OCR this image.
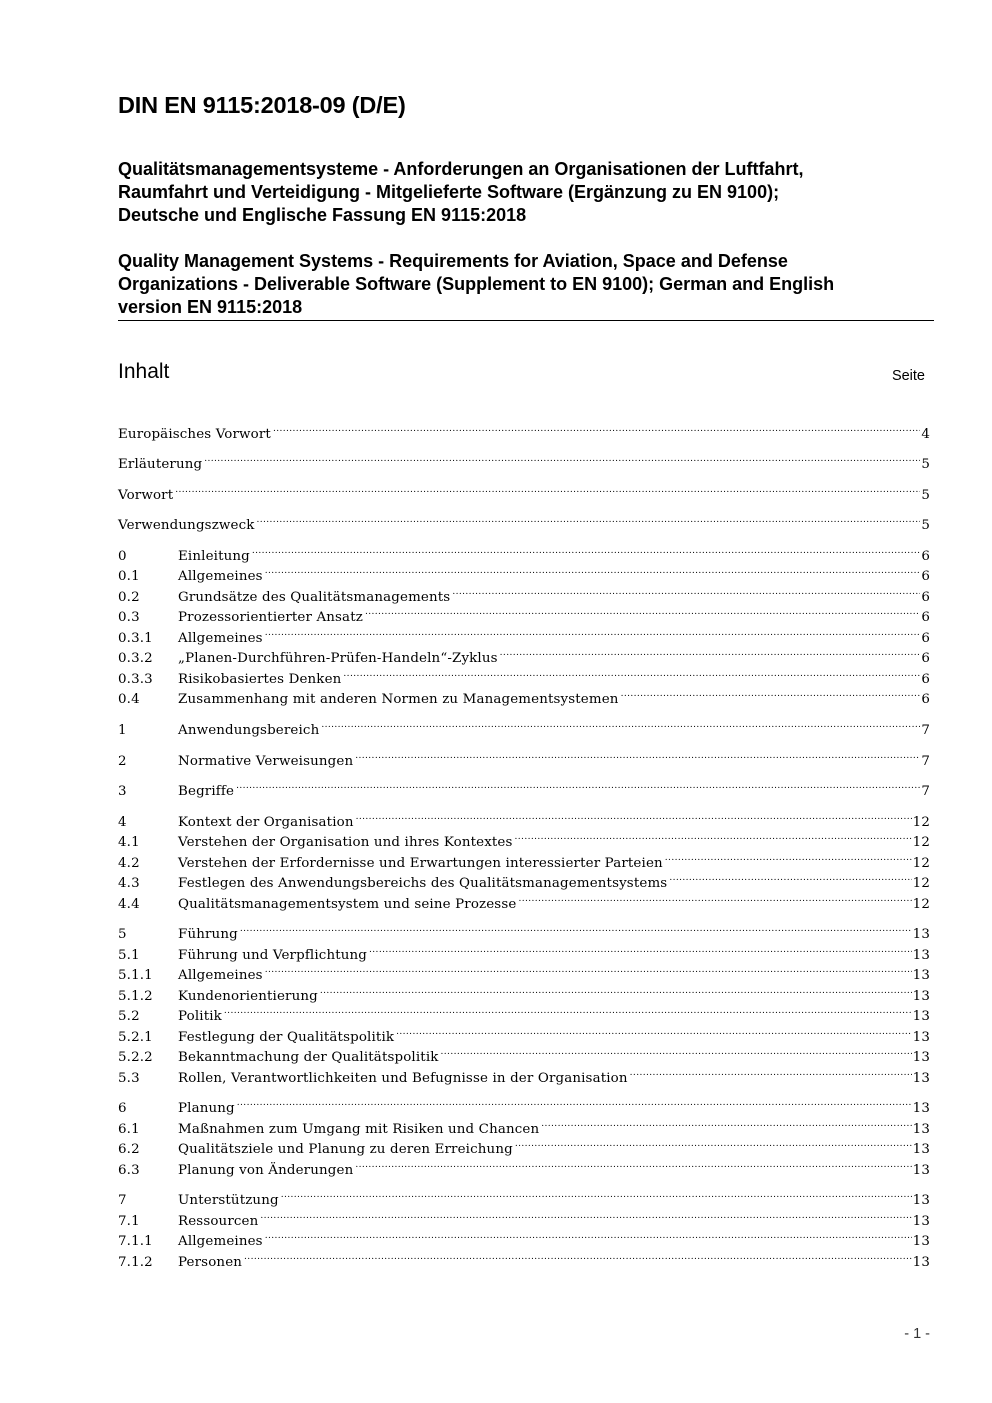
DIN EN 9115:2018-09 (D/E)
Qualitätsmanagementsysteme - Anforderungen an Organisationen der Luftfahrt,
Raumfahrt und Verteidigung - Mitgelieferte Software (Ergänzung zu EN 9100);
Deutsche und Englische Fassung EN 9115:2018
Quality Management Systems - Requirements for Aviation, Space and Defense
Organizations - Deliverable Software (Supplement to EN 9100); German and English
version EN 9115:2018
Inhalt	Seite
Europäisches Vorwort .....	4
Erläuterung .....	5
Vorwort .....	5
Verwendungszweck .....	5
0	Einleitung .....	6
0.1	Allgemeines .....	6
0.2	Grundsätze des Qualitätsmanagements .....	6
0.3	Prozessorientierter Ansatz .....	6
0.3.1	Allgemeines .....	6
0.3.2	„Planen-Durchführen-Prüfen-Handeln“-Zyklus .....	6
0.3.3	Risikobasiertes Denken .....	6
0.4	Zusammenhang mit anderen Normen zu Managementsystemen .....	6
1	Anwendungsbereich .....	7
2	Normative Verweisungen .....	7
3	Begriffe .....	7
4	Kontext der Organisation .....	12
4.1	Verstehen der Organisation und ihres Kontextes .....	12
4.2	Verstehen der Erfordernisse und Erwartungen interessierter Parteien .....	12
4.3	Festlegen des Anwendungsbereichs des Qualitätsmanagementsystems .....	12
4.4	Qualitätsmanagementsystem und seine Prozesse .....	12
5	Führung .....	13
5.1	Führung und Verpflichtung .....	13
5.1.1	Allgemeines .....	13
5.1.2	Kundenorientierung .....	13
5.2	Politik .....	13
5.2.1	Festlegung der Qualitätspolitik .....	13
5.2.2	Bekanntmachung der Qualitätspolitik .....	13
5.3	Rollen, Verantwortlichkeiten und Befugnisse in der Organisation .....	13
6	Planung .....	13
6.1	Maßnahmen zum Umgang mit Risiken und Chancen .....	13
6.2	Qualitätsziele und Planung zu deren Erreichung .....	13
6.3	Planung von Änderungen .....	13
7	Unterstützung .....	13
7.1	Ressourcen .....	13
7.1.1	Allgemeines .....	13
7.1.2	Personen .....	13
- 1 -
